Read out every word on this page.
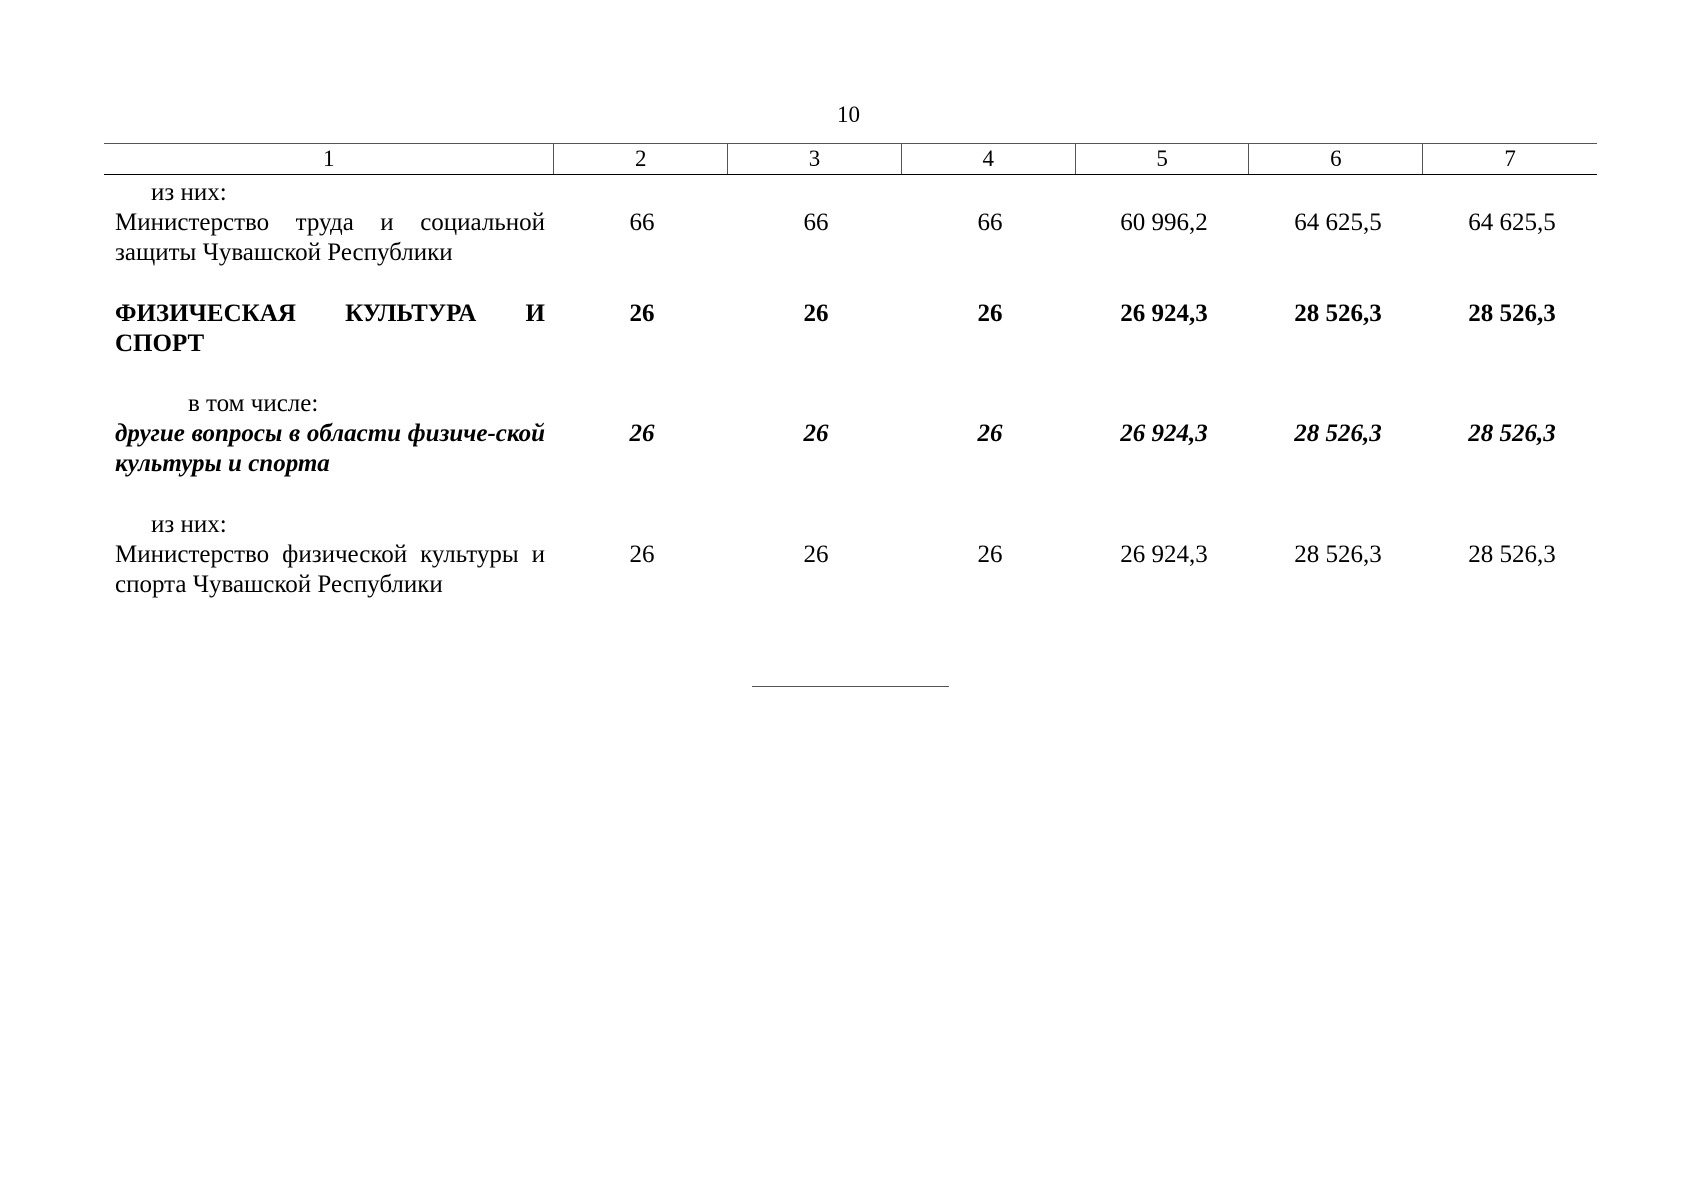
10
1	2	3	4	5	6	7
из них:
Министерство труда и социальной защиты Чувашской Республики
66	66	66	60 996,2	64 625,5	64 625,5
ФИЗИЧЕСКАЯ КУЛЬТУРА И
СПОРТ
26	26	26	26 924,3	28 526,3	28 526,3
в том числе:
другие вопросы в области физиче-ской культуры и спорта
26	26	26	26 924,3	28 526,3	28 526,3
из них:
Министерство физической культуры и спорта Чувашской Республики
26	26	26	26 924,3	28 526,3	28 526,3
